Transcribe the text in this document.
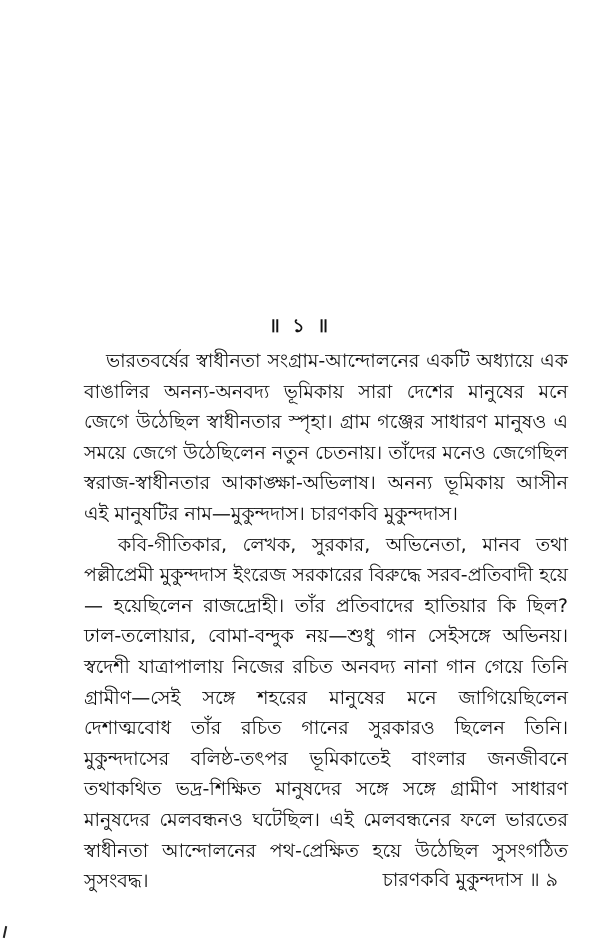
॥ ১ ॥

ভারতবর্ষের স্বাধীনতা সংগ্রাম-আন্দোলনের একটি অধ্যায়ে এক বাঙালির অনন্য-অনবদ্য ভূমিকায় সারা দেশের মানুষের মনে জেগে উঠেছিল স্বাধীনতার স্পৃহা। গ্রাম গঞ্জের সাধারণ মানুষও এ সময়ে জেগে উঠেছিলেন নতুন চেতনায়। তাঁদের মনেও জেগেছিল স্বরাজ-স্বাধীনতার আকাঙ্ক্ষা-অভিলাষ। অনন্য ভূমিকায় আসীন এই মানুষটির নাম—মুকুন্দদাস। চারণকবি মুকুন্দদাস।

কবি-গীতিকার, লেখক, সুরকার, অভিনেতা, মানব তথা পল্লীপ্রেমী মুকুন্দদাস ইংরেজ সরকারের বিরুদ্ধে সরব-প্রতিবাদী হয়ে— হয়েছিলেন রাজদ্রোহী। তাঁর প্রতিবাদের হাতিয়ার কি ছিল? ঢাল-তলোয়ার, বোমা-বন্দুক নয়—শুধু গান সেইসঙ্গে অভিনয়। স্বদেশী যাত্রাপালায় নিজের রচিত অনবদ্য নানা গান গেয়ে তিনি গ্রামীণ—সেই সঙ্গে শহরের মানুষের মনে জাগিয়েছিলেন দেশাত্মবোধ তাঁর রচিত গানের সুরকারও ছিলেন তিনি। মুকুন্দদাসের বলিষ্ঠ-তৎপর ভূমিকাতেই বাংলার জনজীবনে তথাকথিত ভদ্র-শিক্ষিত মানুষদের সঙ্গে সঙ্গে গ্রামীণ সাধারণ মানুষদের মেলবন্ধনও ঘটেছিল। এই মেলবন্ধনের ফলে ভারতের স্বাধীনতা আন্দোলনের পথ-প্রেক্ষিত হয়ে উঠেছিল সুসংগঠিত সুসংবদ্ধ।	চারণকবি মুকুন্দদাস ॥ ৯
